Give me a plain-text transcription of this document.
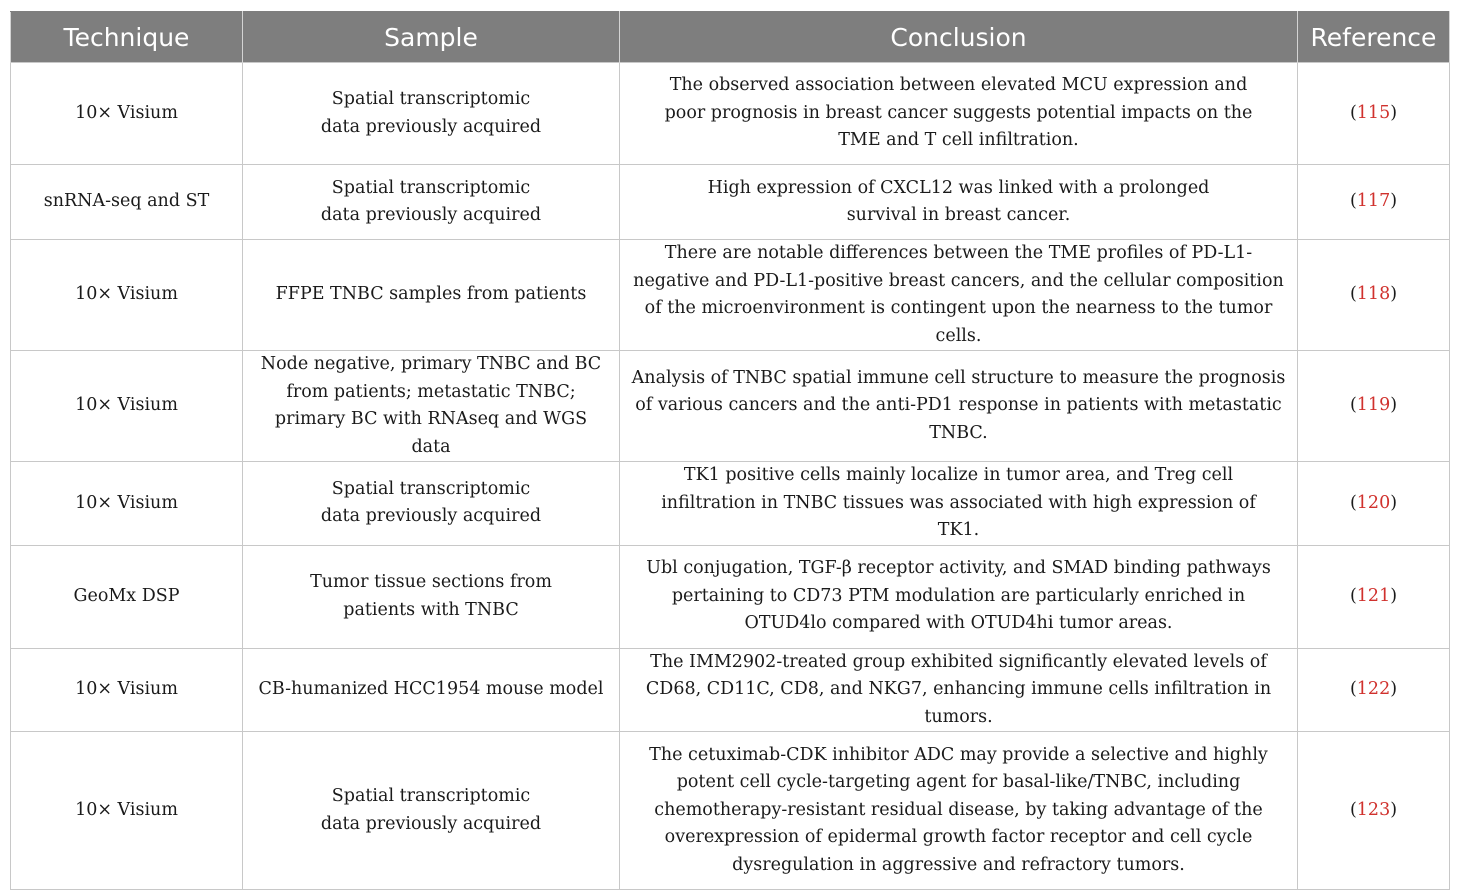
Technique	Sample	Conclusion	Reference
10× Visium	Spatial transcriptomic data previously acquired	The observed association between elevated MCU expression and poor prognosis in breast cancer suggests potential impacts on the TME and T cell infiltration.	(115)
snRNA-seq and ST	Spatial transcriptomic data previously acquired	High expression of CXCL12 was linked with a prolonged survival in breast cancer.	(117)
10× Visium	FFPE TNBC samples from patients	There are notable differences between the TME profiles of PD-L1-negative and PD-L1-positive breast cancers, and the cellular composition of the microenvironment is contingent upon the nearness to the tumor cells.	(118)
10× Visium	Node negative, primary TNBC and BC from patients; metastatic TNBC; primary BC with RNAseq and WGS data	Analysis of TNBC spatial immune cell structure to measure the prognosis of various cancers and the anti-PD1 response in patients with metastatic TNBC.	(119)
10× Visium	Spatial transcriptomic data previously acquired	TK1 positive cells mainly localize in tumor area, and Treg cell infiltration in TNBC tissues was associated with high expression of TK1.	(120)
GeoMx DSP	Tumor tissue sections from patients with TNBC	Ubl conjugation, TGF-β receptor activity, and SMAD binding pathways pertaining to CD73 PTM modulation are particularly enriched in OTUD4lo compared with OTUD4hi tumor areas.	(121)
10× Visium	CB-humanized HCC1954 mouse model	The IMM2902-treated group exhibited significantly elevated levels of CD68, CD11C, CD8, and NKG7, enhancing immune cells infiltration in tumors.	(122)
10× Visium	Spatial transcriptomic data previously acquired	The cetuximab-CDK inhibitor ADC may provide a selective and highly potent cell cycle-targeting agent for basal-like/TNBC, including chemotherapy-resistant residual disease, by taking advantage of the overexpression of epidermal growth factor receptor and cell cycle dysregulation in aggressive and refractory tumors.	(123)
